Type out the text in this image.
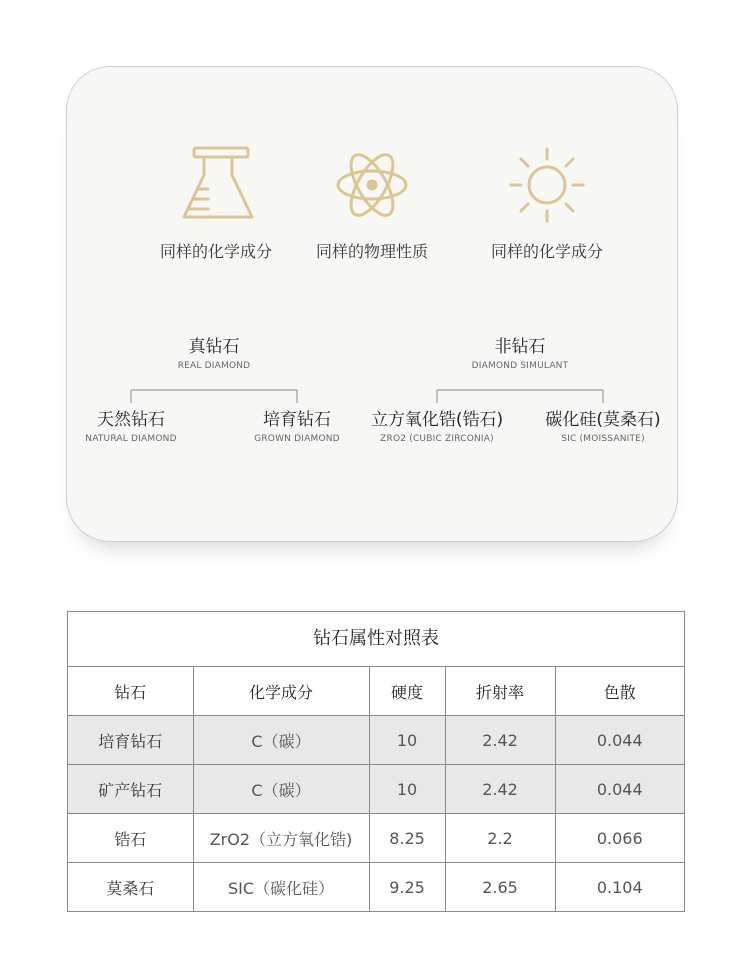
同样的化学成分	同样的物理性质	同样的化学成分
真钻石
REAL DIAMOND
非钻石
DIAMOND SIMULANT
天然钻石
NATURAL DIAMOND
培育钻石
GROWN DIAMOND
立方氧化锆(锆石)
ZRO2 (CUBIC ZIRCONIA)
碳化硅(莫桑石)
SIC (MOISSANITE)
钻石属性对照表
钻石	化学成分	硬度	折射率	色散
培育钻石	C（碳）	10	2.42	0.044
矿产钻石	C（碳）	10	2.42	0.044
锆石	ZrO2（立方氧化锆)	8.25	2.2	0.066
莫桑石	SIC（碳化硅）	9.25	2.65	0.104
